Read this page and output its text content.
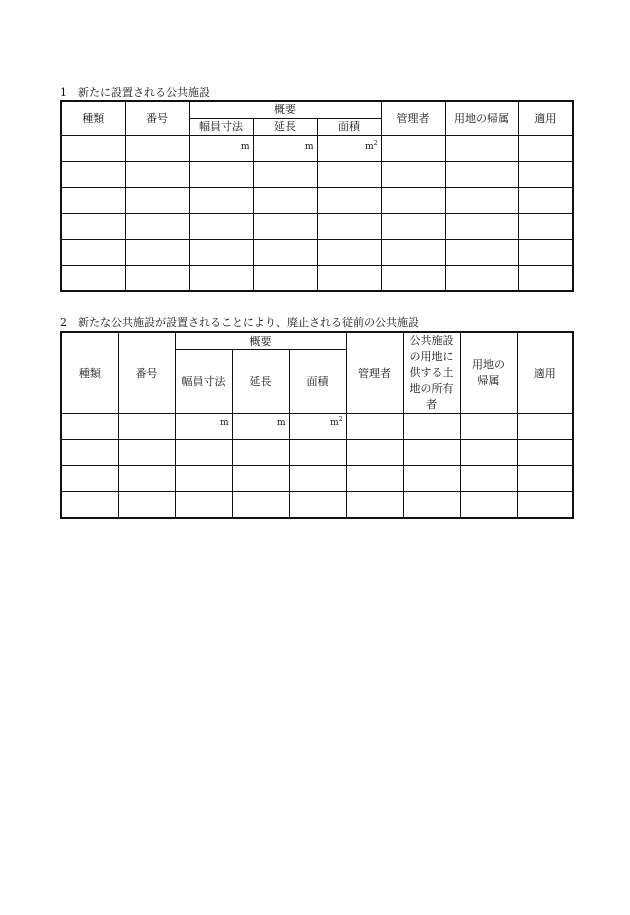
1 新たに設置される公共施設
種類	番号	概要			管理者	用地の帰属	適用
		幅員寸法	延長	面積			
		m	m	$m^2$			

2 新たな公共施設が設置されることにより、廃止される従前の公共施設
種類	番号	概要			管理者	公共施設の用地に供する土地の所有者	用地の帰属	適用
		幅員寸法	延長	面積				
		m	m	$m^2$				
